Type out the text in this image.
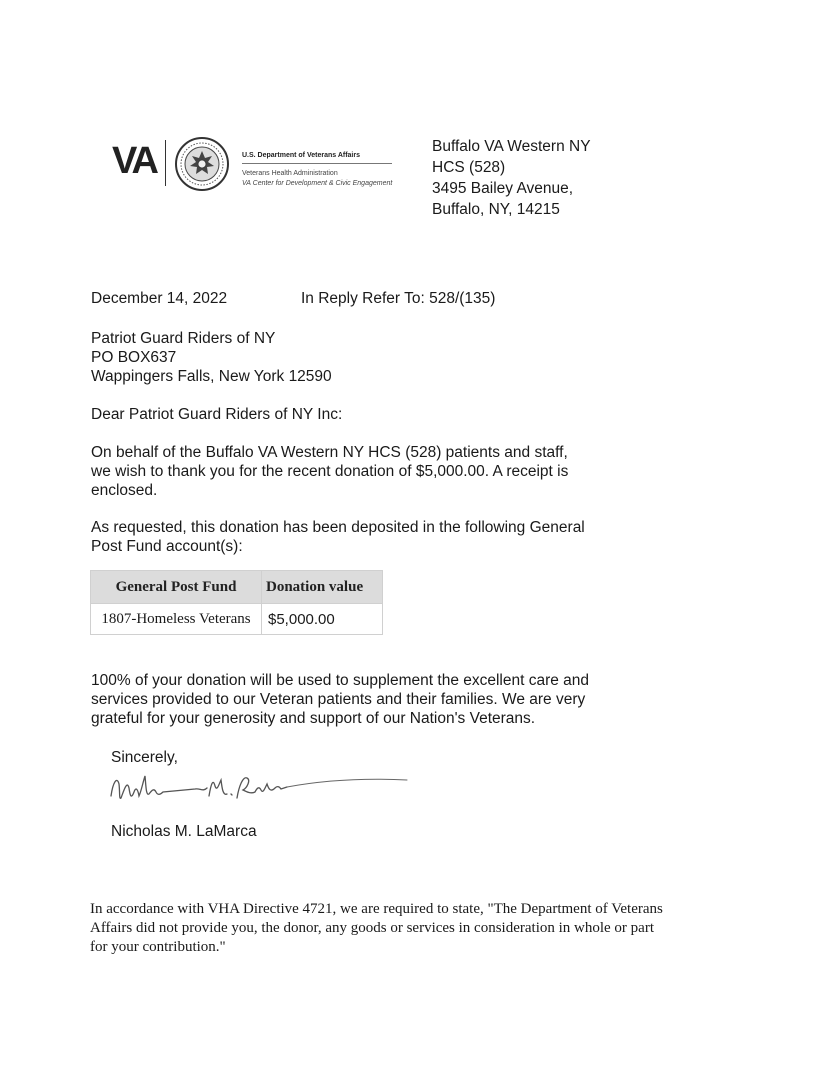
VA	U.S. Department of Veterans Affairs
Veterans Health Administration
VA Center for Development & Civic Engagement
Buffalo VA Western NY
HCS (528)
3495 Bailey Avenue,
Buffalo, NY, 14215
December 14, 2022	In Reply Refer To: 528/(135)
Patriot Guard Riders of NY
PO BOX637
Wappingers Falls, New York 12590
Dear Patriot Guard Riders of NY Inc:
On behalf of the Buffalo VA Western NY HCS (528) patients and staff,
we wish to thank you for the recent donation of $5,000.00. A receipt is
enclosed.
As requested, this donation has been deposited in the following General
Post Fund account(s):
General Post Fund	Donation value
1807-Homeless Veterans	$5,000.00
100% of your donation will be used to supplement the excellent care and
services provided to our Veteran patients and their families. We are very
grateful for your generosity and support of our Nation's Veterans.
Sincerely,
Nicholas M. LaMarca
In accordance with VHA Directive 4721, we are required to state, "The Department of Veterans
Affairs did not provide you, the donor, any goods or services in consideration in whole or part
for your contribution."
